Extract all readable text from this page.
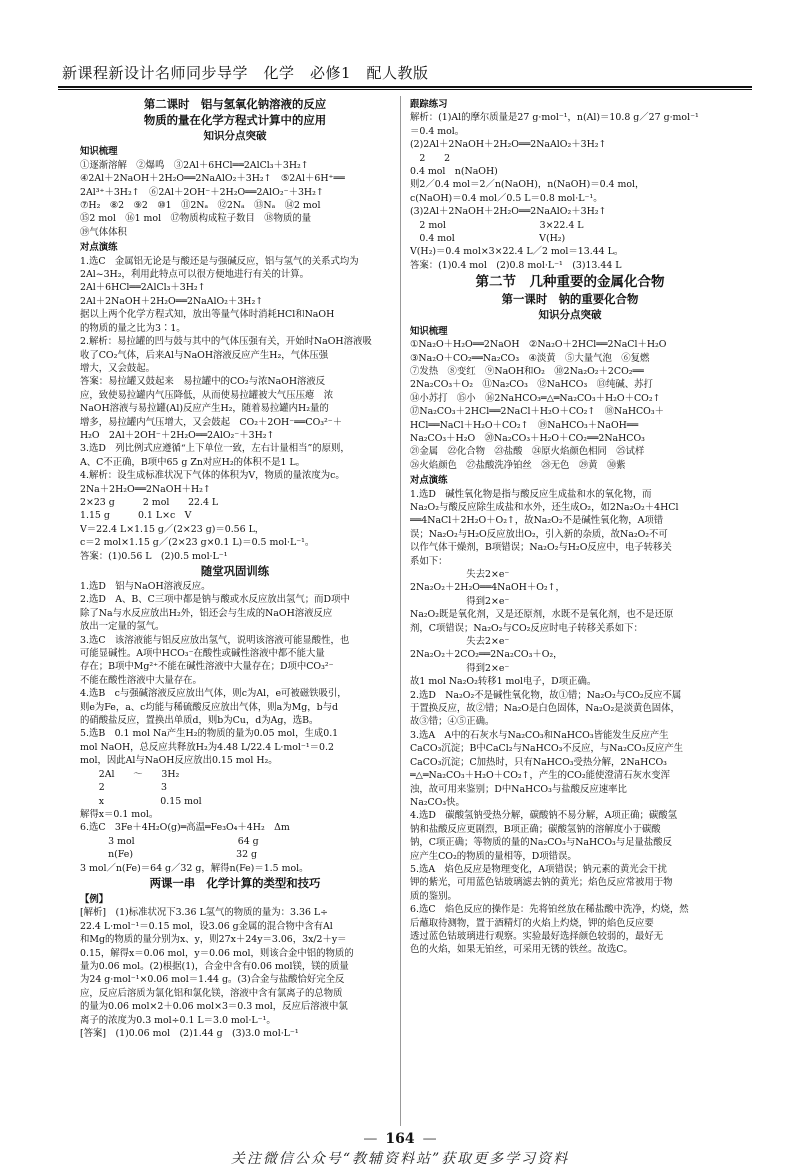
新课程新设计名师同步导学　化学　必修1　配人教版
第二课时　铝与氢氧化钠溶液的反应
物质的量在化学方程式计算中的应用
知识分点突破
知识梳理
①逐渐溶解　②爆鸣　③2Al＋6HCl══2AlCl₃＋3H₂↑
④2Al＋2NaOH＋2H₂O══2NaAlO₂＋3H₂↑　⑤2Al＋6H⁺══
2Al³⁺＋3H₂↑　⑥2Al＋2OH⁻＋2H₂O══2AlO₂⁻＋3H₂↑
⑦H₂　⑧2　⑨2　⑩1　⑪2Nₐ　⑫2Nₐ　⑬Nₐ　⑭2 mol
⑮2 mol　⑯1 mol　⑰物质构成粒子数目　⑱物质的量
⑲气体体积
对点演练
1.选C　金属铝无论是与酸还是与强碱反应，铝与氢气的关系式均为
2Al~3H₂，利用此特点可以很方便地进行有关的计算。
2Al＋6HCl══2AlCl₃＋3H₂↑
2Al＋2NaOH＋2H₂O══2NaAlO₂＋3H₂↑
据以上两个化学方程式知，放出等量气体时消耗HCl和NaOH
的物质的量之比为3∶1。
2.解析：易拉罐的凹与鼓与其中的气体压强有关，开始时NaOH溶液吸
收了CO₂气体，后来Al与NaOH溶液反应产生H₂，气体压强
增大，又会鼓起。
答案：易拉罐又鼓起来　易拉罐中的CO₂与浓NaOH溶液反
应，致使易拉罐内气压降低，从而使易拉罐被大气压压瘪　浓
NaOH溶液与易拉罐(Al)反应产生H₂，随着易拉罐内H₂量的
增多，易拉罐内气压增大，又会鼓起　CO₂＋2OH⁻══CO₃²⁻＋
H₂O　2Al＋2OH⁻＋2H₂O══2AlO₂⁻＋3H₂↑
3.选D　列比例式应遵循“上下单位一致，左右计量相当”的原则，
A、C不正确，B项中65 g Zn对应H₂的体积不是1 L。
4.解析：设生成标准状况下气体的体积为V，物质的量浓度为c。
2Na＋2H₂O══2NaOH＋H₂↑
2×23 g　　　2 mol　　22.4 L
1.15 g　　　0.1 L×c　V
V＝22.4 L×1.15 g／(2×23 g)＝0.56 L，
c＝2 mol×1.15 g／(2×23 g×0.1 L)＝0.5 mol·L⁻¹。
答案：(1)0.56 L　(2)0.5 mol·L⁻¹
随堂巩固训练
1.选D　铝与NaOH溶液反应。
2.选D　A、B、C三项中都是钠与酸或水反应放出氢气；而D项中
除了Na与水反应放出H₂外，铝还会与生成的NaOH溶液反应
放出一定量的氢气。
3.选C　该溶液能与铝反应放出氢气，说明该溶液可能显酸性，也
可能显碱性。A项中HCO₃⁻在酸性或碱性溶液中都不能大量
存在；B项中Mg²⁺不能在碱性溶液中大量存在；D项中CO₃²⁻
不能在酸性溶液中大量存在。
4.选B　c与强碱溶液反应放出气体，则c为Al，e可被磁铁吸引，
则e为Fe，a、c均能与稀硫酸反应放出气体，则a为Mg，b与d
的硝酸盐反应，置换出单质d，则b为Cu，d为Ag，选B。
5.选B　0.1 mol Na产生H₂的物质的量为0.05 mol，生成0.1
mol NaOH，总反应共释放H₂为4.48 L/22.4 L·mol⁻¹＝0.2
mol，因此Al与NaOH反应放出0.15 mol H₂。
　　2Al　　～　　3H₂
　　2　　　　　　3
　　x　　　　　　0.15 mol
解得x＝0.1 mol。
6.选C　3Fe＋4H₂O(g)═高温═Fe₃O₄＋4H₂　Δm
　　　3 mol　　　　　　　　　　　64 g
　　　n(Fe)　　　　　　　　　　　32 g
3 mol／n(Fe)＝64 g／32 g，解得n(Fe)＝1.5 mol。
两课一串　化学计算的类型和技巧
【例】
[解析]　(1)标准状况下3.36 L氢气的物质的量为：3.36 L÷
22.4 L·mol⁻¹＝0.15 mol，设3.06 g金属的混合物中含有Al
和Mg的物质的量分别为x、y，则27x＋24y＝3.06，3x/2＋y＝
0.15，解得x＝0.06 mol，y＝0.06 mol，则该合金中铝的物质的
量为0.06 mol。(2)根据(1)，合金中含有0.06 mol镁，镁的质量
为24 g·mol⁻¹×0.06 mol＝1.44 g。(3)合金与盐酸恰好完全反
应，反应后溶质为氯化铝和氯化镁，溶液中含有氯离子的总物质
的量为0.06 mol×2＋0.06 mol×3＝0.3 mol，反应后溶液中氯
离子的浓度为0.3 mol÷0.1 L＝3.0 mol·L⁻¹。
[答案]　(1)0.06 mol　(2)1.44 g　(3)3.0 mol·L⁻¹
跟踪练习
解析：(1)Al的摩尔质量是27 g·mol⁻¹，n(Al)＝10.8 g／27 g·mol⁻¹
＝0.4 mol。
(2)2Al＋2NaOH＋2H₂O══2NaAlO₂＋3H₂↑
　2　　2
0.4 mol　n(NaOH)
则2／0.4 mol＝2／n(NaOH)，n(NaOH)＝0.4 mol，
c(NaOH)＝0.4 mol／0.5 L＝0.8 mol·L⁻¹。
(3)2Al＋2NaOH＋2H₂O══2NaAlO₂＋3H₂↑
　2 mol　　　　　　　　　　3×22.4 L
　0.4 mol　　　　　　　　　V(H₂)
V(H₂)＝0.4 mol×3×22.4 L／2 mol＝13.44 L。
答案：(1)0.4 mol　(2)0.8 mol·L⁻¹　(3)13.44 L
第二节　几种重要的金属化合物
第一课时　钠的重要化合物
知识分点突破
知识梳理
①Na₂O＋H₂O══2NaOH　②Na₂O＋2HCl══2NaCl＋H₂O
③Na₂O＋CO₂══Na₂CO₃　④淡黄　⑤大量气泡　⑥复燃
⑦发热　⑧变红　⑨NaOH和O₂　⑩2Na₂O₂＋2CO₂══
2Na₂CO₃＋O₂　⑪Na₂CO₃　⑫NaHCO₃　⑬纯碱、苏打
⑭小苏打　⑮小　⑯2NaHCO₃═△═Na₂CO₃＋H₂O＋CO₂↑
⑰Na₂CO₃＋2HCl══2NaCl＋H₂O＋CO₂↑　⑱NaHCO₃＋
HCl══NaCl＋H₂O＋CO₂↑　⑲NaHCO₃＋NaOH══
Na₂CO₃＋H₂O　⑳Na₂CO₃＋H₂O＋CO₂══2NaHCO₃
㉑金属　㉒化合物　㉓盐酸　㉔原火焰颜色相同　㉕试样
㉖火焰颜色　㉗盐酸洗净铂丝　㉘无色　㉙黄　㉚紫
对点演练
1.选D　碱性氧化物是指与酸反应生成盐和水的氧化物，而
Na₂O₂与酸反应除生成盐和水外，还生成O₂，如2Na₂O₂＋4HCl
══4NaCl＋2H₂O＋O₂↑，故Na₂O₂不是碱性氧化物，A项错
误；Na₂O₂与H₂O反应放出O₂，引入新的杂质，故Na₂O₂不可
以作气体干燥剂，B项错误；Na₂O₂与H₂O反应中，电子转移关
系如下：
　　　　　　失去2×e⁻
2Na₂O₂＋2H₂O══4NaOH＋O₂↑，
　　　　　　得到2×e⁻
Na₂O₂既是氧化剂，又是还原剂，水既不是氧化剂，也不是还原
剂，C项错误；Na₂O₂与CO₂反应时电子转移关系如下：
　　　　　　失去2×e⁻
2Na₂O₂＋2CO₂══2Na₂CO₃＋O₂，
　　　　　　得到2×e⁻
故1 mol Na₂O₂转移1 mol电子，D项正确。
2.选D　Na₂O₂不是碱性氧化物，故①错；Na₂O₂与CO₂反应不属
于置换反应，故②错；Na₂O是白色固体，Na₂O₂是淡黄色固体，
故③错；④⑤正确。
3.选A　A中的石灰水与Na₂CO₃和NaHCO₃皆能发生反应产生
CaCO₃沉淀；B中CaCl₂与NaHCO₃不反应，与Na₂CO₃反应产生
CaCO₃沉淀；C加热时，只有NaHCO₃受热分解，2NaHCO₃
═△═Na₂CO₃＋H₂O＋CO₂↑，产生的CO₂能使澄清石灰水变浑
浊，故可用来鉴别；D中NaHCO₃与盐酸反应速率比
Na₂CO₃快。
4.选D　碳酸氢钠受热分解，碳酸钠不易分解，A项正确；碳酸氢
钠和盐酸反应更剧烈，B项正确；碳酸氢钠的溶解度小于碳酸
钠，C项正确；等物质的量的Na₂CO₃与NaHCO₃与足量盐酸反
应产生CO₂的物质的量相等，D项错误。
5.选A　焰色反应是物理变化，A项错误；钠元素的黄光会干扰
钾的紫光，可用蓝色钴玻璃滤去钠的黄光；焰色反应常被用于物
质的鉴别。
6.选C　焰色反应的操作是：先将铂丝放在稀盐酸中洗净，灼烧，然
后蘸取待测物，置于酒精灯的火焰上灼烧，钾的焰色反应要
透过蓝色钴玻璃进行观察。实验最好选择颜色较弱的，最好无
色的火焰，如果无铂丝，可采用无锈的铁丝。故选C。
— 164 —
关注微信公众号“教辅资料站”获取更多学习资料
